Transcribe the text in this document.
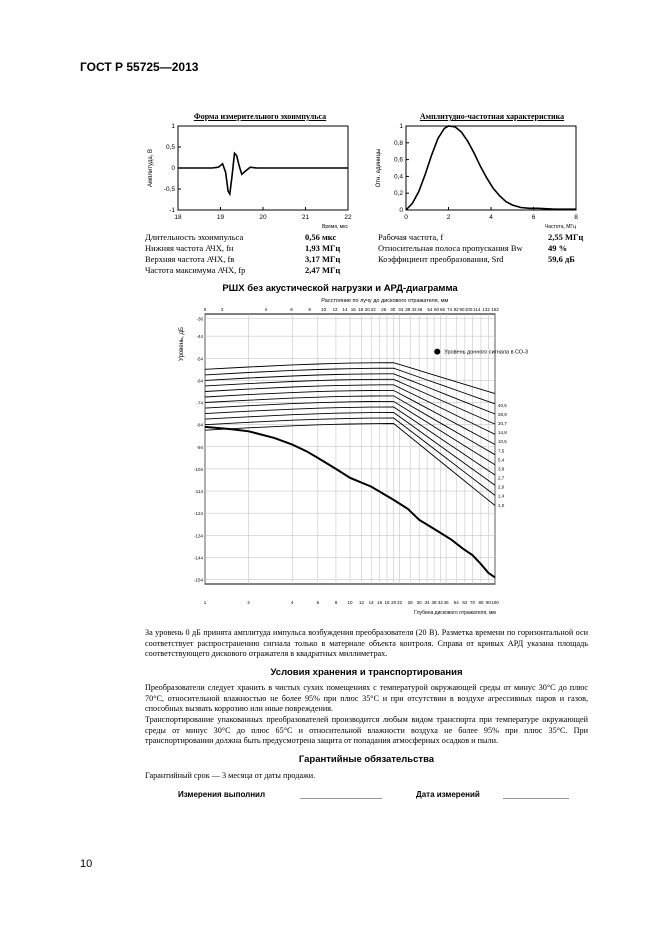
ГОСТ Р 55725—2013
Форма измерительного эхоимпульса
18	19	20	21	22
1
0,5
0
-0,5
-1
Время, мкс
Амплитуда, В
Амплитудно-частотная характеристика
0	2	4	6	8
1
0,8
0,6
0,4
0,2
0
Частота, МГц
Отн. единицы
Длительность эхоимпульса	0,56 мкс
Нижняя частота АЧХ, fн	1,93 МГц
Верхняя частота АЧХ, fв	3,17 МГц
Частота максимума АЧХ, fp	2,47 МГц
Рабочая частота, f	2,55 МГц
Относительная полоса пропускания Bw	49 %
Коэффициент преобразования, Srd	59,6 дБ
РШХ без акустической нагрузки и АРД-диаграмма
1	2	4	6	8 10 12 14 16 18 20 22 26 30 34 38 42 46 54 62 70 80 90 100
Глубина дискового отражателя, мм
0	2	4	6	8 10 12 14 16 18 20 22 26 30 34 38 42 46 54 60 66 74 82 90 100 114 132 152
Расстояние по лучу до дискового отражателя, мм
-36
-44
-54
-64
-74
-84
-94
-104
-114
-124
-134
-144
-154
Уровень, дБ
40,5
28,9
20,7
14,8
10,5
7,5
5,4
3,8
2,7
2,0
1,4
1,0
Уровень донного сигнала в СО-3
За уровень 0 дБ принята амплитуда импульса возбуждения преобразователя (20 В). Разметка времени по горизонтальной оси соответствует распространению сигнала только в материале объекта контроля. Справа от кривых АРД указана площадь соответствующего дискового отражателя в квадратных миллиметрах.
Условия хранения и транспортирования
Преобразователи следует хранить в чистых сухих помещениях с температурой окружающей среды от минус 30°С до плюс 70°С, относительной влажностью не более 95% при плюс 35°С и при отсутствии в воздухе агрессивных паров и газов, способных вызвать коррозию или иные повреждения.
Транспортирование упакованных преобразователей производится любым видом транспорта при температуре окружающей среды от минус 30°С до плюс 65°С и относительной влажности воздуха не более 95% при плюс 35°С. При транспортировании должна быть предусмотрена защита от попадания атмосферных осадков и пыли.
Гарантийные обязательства
Гарантийный срок — 3 месяца от даты продажи.
Измерения выполнил	Дата измерений
10
